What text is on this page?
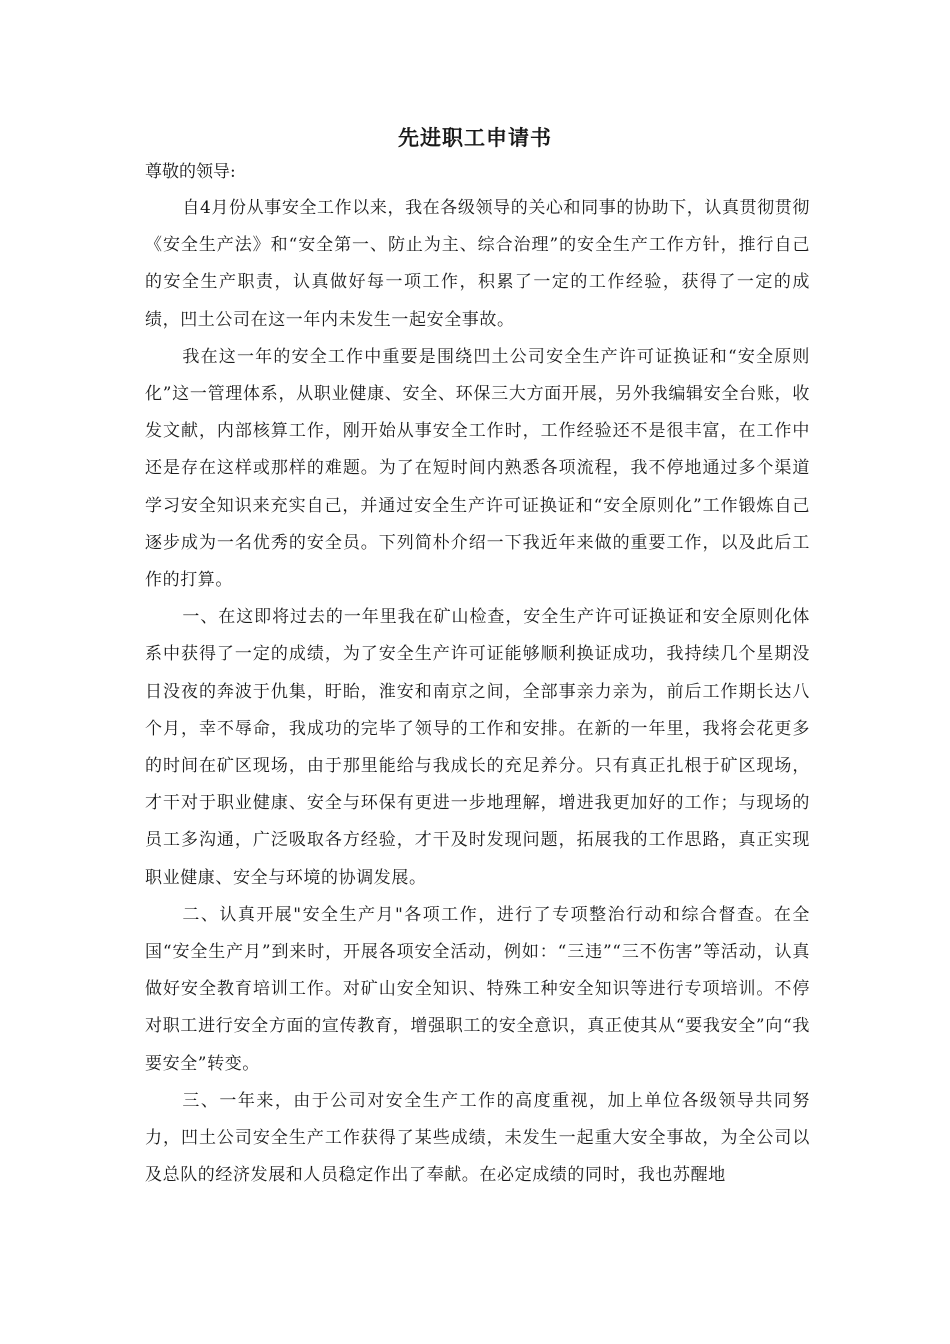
先进职工申请书
尊敬的领导:

自4月份从事安全工作以来，我在各级领导的关心和同事的协助下，认真贯彻贯彻《安全生产法》和“安全第一、防止为主、综合治理”的安全生产工作方针，推行自己的安全生产职责，认真做好每一项工作，积累了一定的工作经验，获得了一定的成绩，凹土公司在这一年内未发生一起安全事故。

我在这一年的安全工作中重要是围绕凹土公司安全生产许可证换证和“安全原则化”这一管理体系，从职业健康、安全、环保三大方面开展，另外我编辑安全台账，收发文献，内部核算工作，刚开始从事安全工作时，工作经验还不是很丰富，在工作中还是存在这样或那样的难题。为了在短时间内熟悉各项流程，我不停地通过多个渠道学习安全知识来充实自己，并通过安全生产许可证换证和“安全原则化”工作锻炼自己逐步成为一名优秀的安全员。下列简朴介绍一下我近年来做的重要工作，以及此后工作的打算。

一、在这即将过去的一年里我在矿山检查，安全生产许可证换证和安全原则化体系中获得了一定的成绩，为了安全生产许可证能够顺利换证成功，我持续几个星期没日没夜的奔波于仇集，盱眙，淮安和南京之间，全部事亲力亲为，前后工作期长达八个月，幸不辱命，我成功的完毕了领导的工作和安排。在新的一年里，我将会花更多的时间在矿区现场，由于那里能给与我成长的充足养分。只有真正扎根于矿区现场，才干对于职业健康、安全与环保有更进一步地理解，增进我更加好的工作；与现场的员工多沟通，广泛吸取各方经验，才干及时发现问题，拓展我的工作思路，真正实现职业健康、安全与环境的协调发展。

二、认真开展"安全生产月"各项工作，进行了专项整治行动和综合督查。在全国“安全生产月”到来时，开展各项安全活动，例如：“三违”“三不伤害”等活动，认真做好安全教育培训工作。对矿山安全知识、特殊工种安全知识等进行专项培训。不停对职工进行安全方面的宣传教育，增强职工的安全意识，真正使其从“要我安全”向“我要安全”转变。

三、一年来，由于公司对安全生产工作的高度重视，加上单位各级领导共同努力，凹土公司安全生产工作获得了某些成绩，未发生一起重大安全事故，为全公司以及总队的经济发展和人员稳定作出了奉献。在必定成绩的同时，我也苏醒地
